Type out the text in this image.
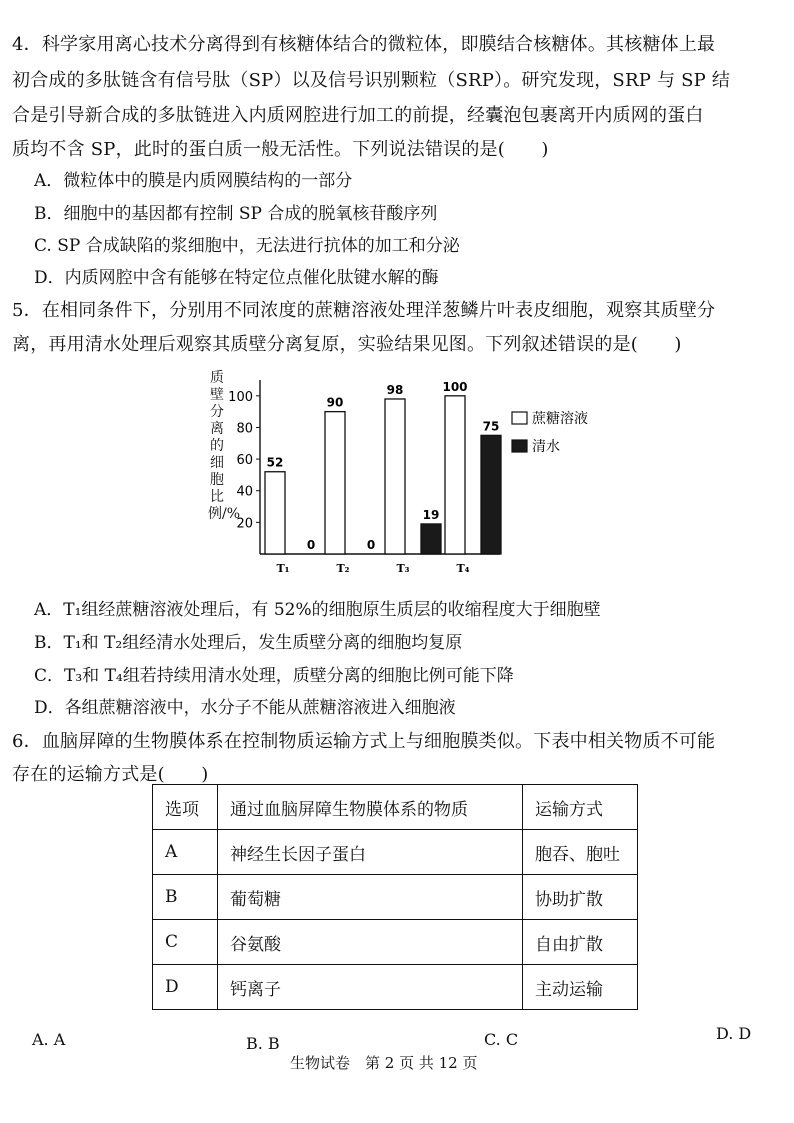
4．科学家用离心技术分离得到有核糖体结合的微粒体，即膜结合核糖体。其核糖体上最
初合成的多肽链含有信号肽（SP）以及信号识别颗粒（SRP）。研究发现，SRP 与 SP 结
合是引导新合成的多肽链进入内质网腔进行加工的前提，经囊泡包裹离开内质网的蛋白
质均不含 SP，此时的蛋白质一般无活性。下列说法错误的是(　　)
A．微粒体中的膜是内质网膜结构的一部分
B．细胞中的基因都有控制 SP 合成的脱氧核苷酸序列
C. SP 合成缺陷的浆细胞中，无法进行抗体的加工和分泌
D．内质网腔中含有能够在特定位点催化肽键水解的酶
5．在相同条件下，分别用不同浓度的蔗糖溶液处理洋葱鳞片叶表皮细胞，观察其质壁分
离，再用清水处理后观察其质壁分离复原，实验结果见图。下列叙述错误的是(　　)
质壁分离的细胞比例/%
20
40
60
80
100
52
0
T₁
90
0
T₂
98
19
T₃
100
75
T₄
蔗糖溶液
清水
A．T₁组经蔗糖溶液处理后，有 52%的细胞原生质层的收缩程度大于细胞壁
B．T₁和 T₂组经清水处理后，发生质壁分离的细胞均复原
C．T₃和 T₄组若持续用清水处理，质壁分离的细胞比例可能下降
D．各组蔗糖溶液中，水分子不能从蔗糖溶液进入细胞液
6．血脑屏障的生物膜体系在控制物质运输方式上与细胞膜类似。下表中相关物质不可能
存在的运输方式是(　　)
选项	通过血脑屏障生物膜体系的物质	运输方式
A	神经生长因子蛋白	胞吞、胞吐
B	葡萄糖	协助扩散
C	谷氨酸	自由扩散
D	钙离子	主动运输
A. A	B. B	C. C	D. D
生物试卷　第 2 页 共 12 页
